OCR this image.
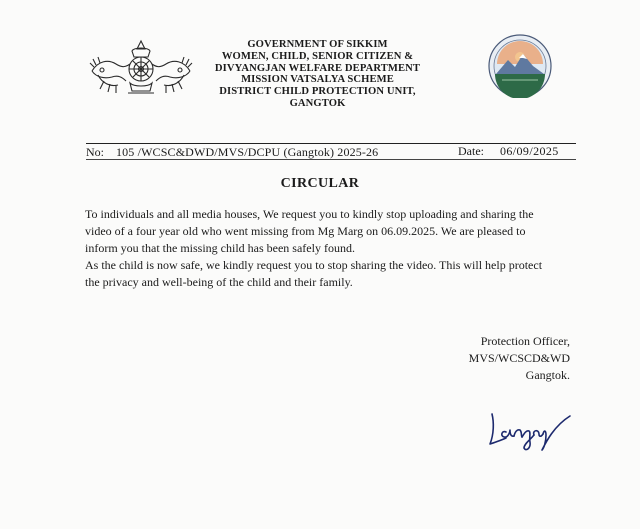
GOVERNMENT OF SIKKIM
WOMEN, CHILD, SENIOR CITIZEN &
DIVYANGJAN WELFARE DEPARTMENT
MISSION VATSALYA SCHEME
DISTRICT CHILD PROTECTION UNIT,
GANGTOK
No: 105 /WCSC&DWD/MVS/DCPU (Gangtok) 2025-26	Date: 06/09/2025
CIRCULAR
To individuals and all media houses, We request you to kindly stop uploading and sharing the
video of a four year old who went missing from Mg Marg on 06.09.2025. We are pleased to
inform you that the missing child has been safely found.
As the child is now safe, we kindly request you to stop sharing the video. This will help protect
the privacy and well-being of the child and their family.
Protection Officer,
MVS/WCSCD&WD
Gangtok.
